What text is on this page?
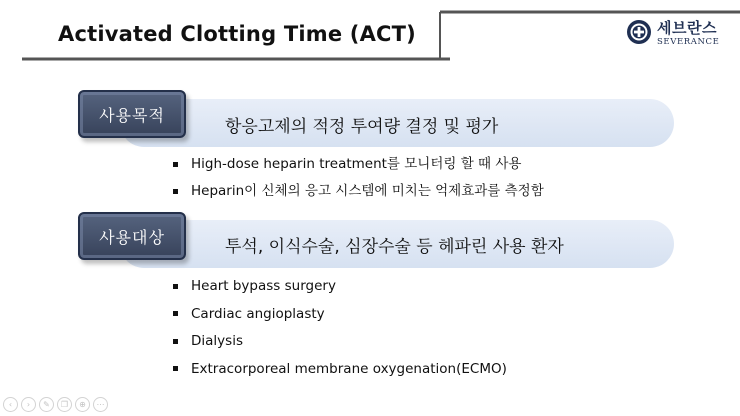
Activated Clotting Time (ACT)	세브란스
SEVERANCE
사용목적
항응고제의 적정 투여량 결정 및 평가
High-dose heparin treatment를 모니터링 할 때 사용
Heparin이 신체의 응고 시스템에 미치는 억제효과를 측정함
사용대상	투석, 이식수술, 심장수술 등 헤파린 사용 환자
Heart bypass surgery
Cardiac angioplasty
Dialysis
Extracorporeal membrane oxygenation(ECMO)
‹	›	✎	❐	⊕	⋯
